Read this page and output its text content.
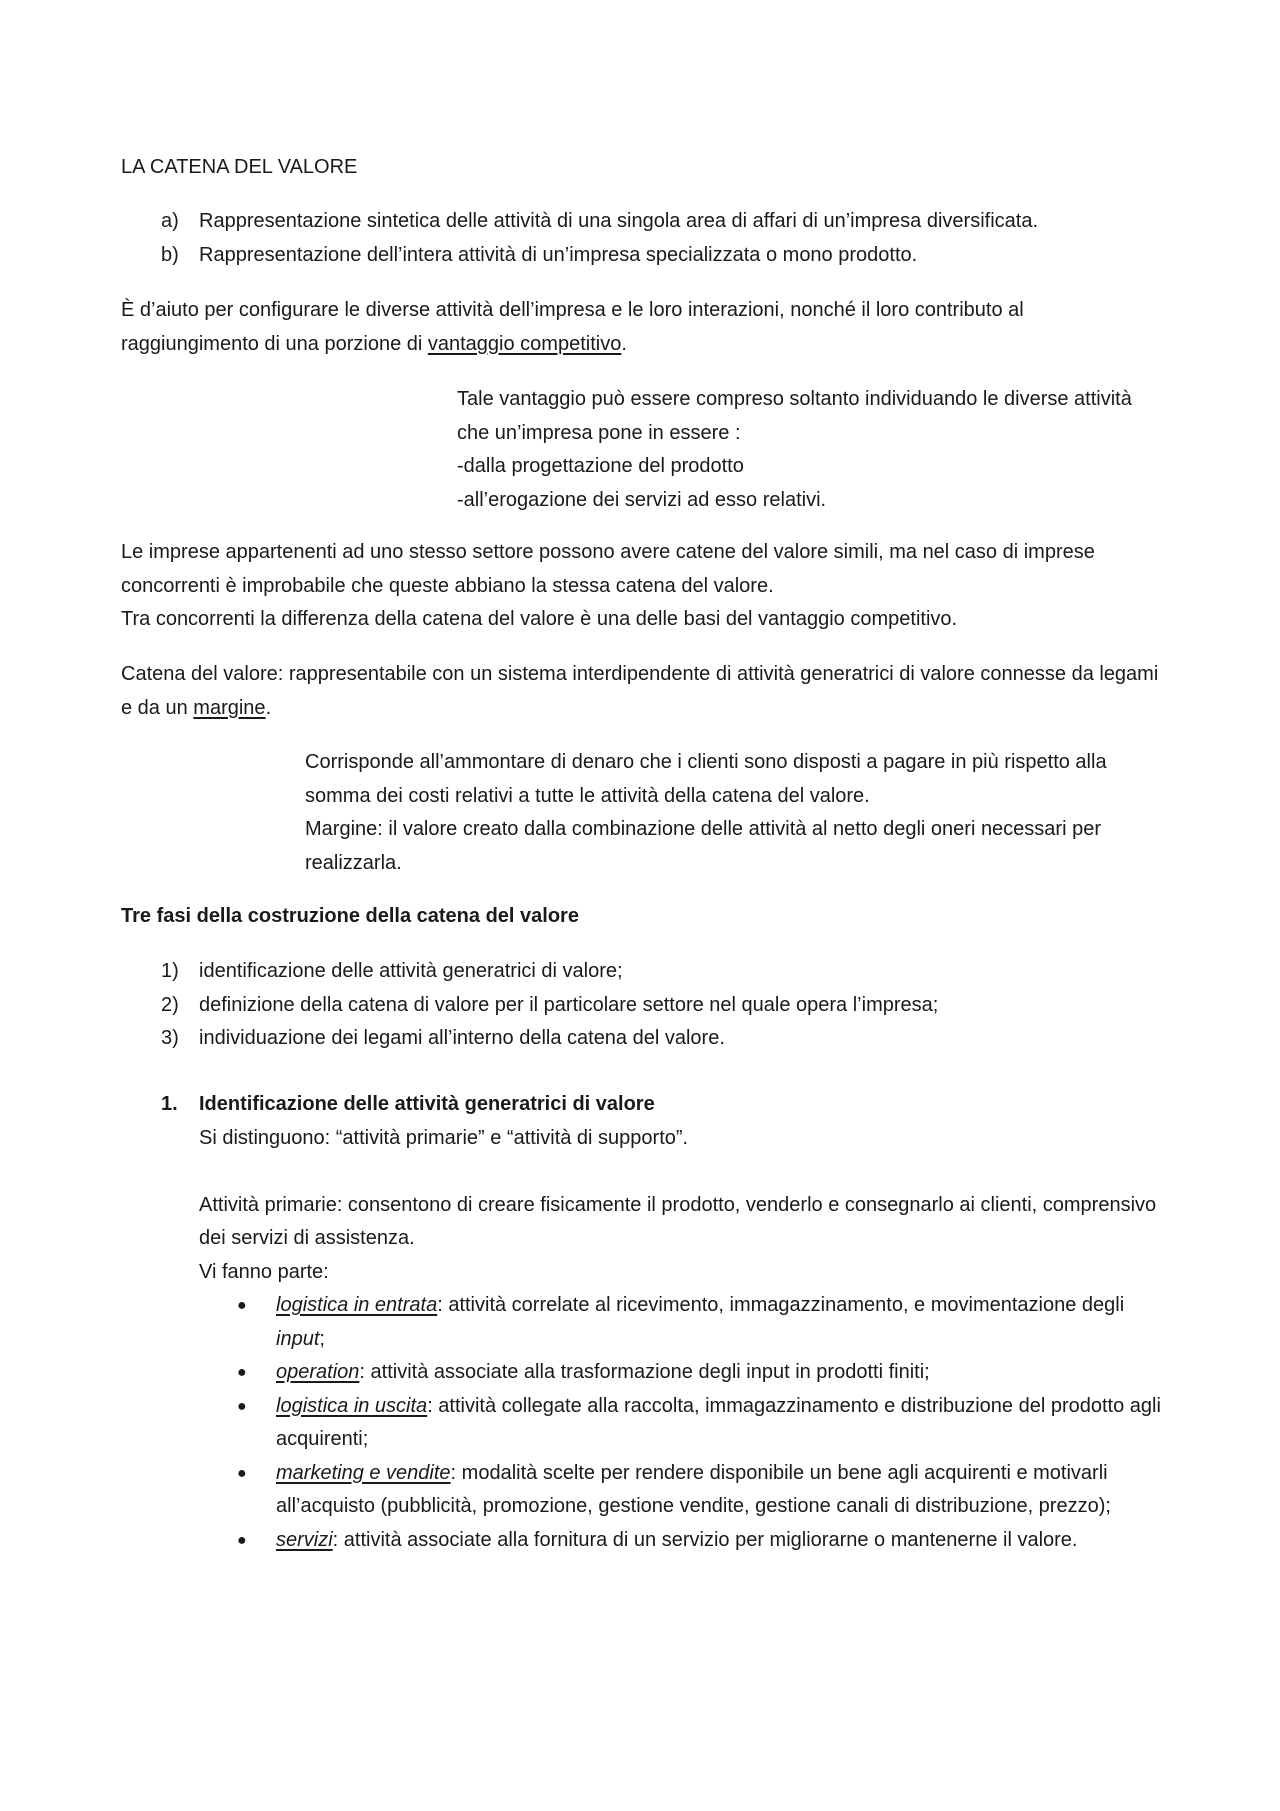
LA CATENA DEL VALORE

a) Rappresentazione sintetica delle attività di una singola area di affari di un’impresa diversificata.
b) Rappresentazione dell’intera attività di un’impresa specializzata o mono prodotto.

È d’aiuto per configurare le diverse attività dell’impresa e le loro interazioni, nonché il loro contributo al raggiungimento di una porzione di vantaggio competitivo.

Tale vantaggio può essere compreso soltanto individuando le diverse attività che un’impresa pone in essere :

-dalla progettazione del prodotto

-all’erogazione dei servizi ad esso relativi.

Le imprese appartenenti ad uno stesso settore possono avere catene del valore simili, ma nel caso di imprese concorrenti è improbabile che queste abbiano la stessa catena del valore.

Tra concorrenti la differenza della catena del valore è una delle basi del vantaggio competitivo.

Catena del valore: rappresentabile con un sistema interdipendente di attività generatrici di valore connesse da legami e da un margine.

Corrisponde all’ammontare di denaro che i clienti sono disposti a pagare in più rispetto alla somma dei costi relativi a tutte le attività della catena del valore.

Margine: il valore creato dalla combinazione delle attività al netto degli oneri necessari per realizzarla.

Tre fasi della costruzione della catena del valore

1) identificazione delle attività generatrici di valore;
2) definizione della catena di valore per il particolare settore nel quale opera l’impresa;
3) individuazione dei legami all’interno della catena del valore.
1. Identificazione delle attività generatrici di valore

Si distinguono: “attività primarie” e “attività di supporto”.

Attività primarie: consentono di creare fisicamente il prodotto, venderlo e consegnarlo ai clienti, comprensivo dei servizi di assistenza.

Vi fanno parte:

● logistica in entrata: attività correlate al ricevimento, immagazzinamento, e movimentazione degli input;
● operation: attività associate alla trasformazione degli input in prodotti finiti;
● logistica in uscita: attività collegate alla raccolta, immagazzinamento e distribuzione del prodotto agli acquirenti;
● marketing e vendite: modalità scelte per rendere disponibile un bene agli acquirenti e motivarli all’acquisto (pubblicità, promozione, gestione vendite, gestione canali di distribuzione, prezzo);
● servizi: attività associate alla fornitura di un servizio per migliorarne o mantenerne il valore.
